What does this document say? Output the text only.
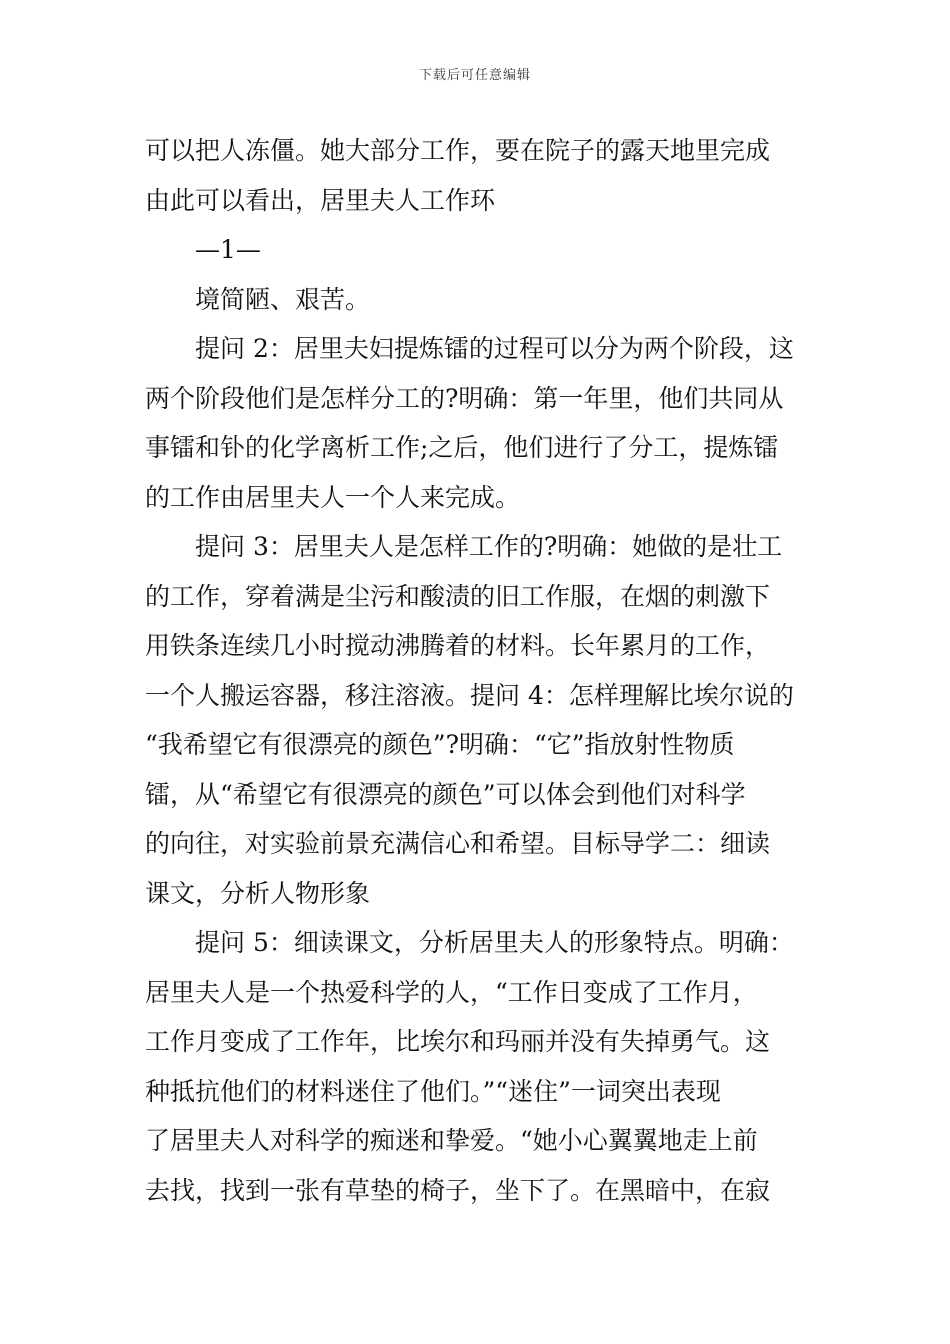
下载后可任意编辑
可以把人冻僵。她大部分工作，要在院子的露天地里完成
由此可以看出，居里夫人工作环
—1—
境简陋、艰苦。
提问 2：居里夫妇提炼镭的过程可以分为两个阶段，这
两个阶段他们是怎样分工的?明确：第一年里，他们共同从
事镭和钋的化学离析工作;之后，他们进行了分工，提炼镭
的工作由居里夫人一个人来完成。
提问 3：居里夫人是怎样工作的?明确：她做的是壮工
的工作，穿着满是尘污和酸渍的旧工作服，在烟的刺激下
用铁条连续几小时搅动沸腾着的材料。长年累月的工作，
一个人搬运容器，移注溶液。提问 4：怎样理解比埃尔说的
“我希望它有很漂亮的颜色”?明确：“它”指放射性物质
镭，从“希望它有很漂亮的颜色”可以体会到他们对科学
的向往，对实验前景充满信心和希望。目标导学二：细读
课文，分析人物形象
提问 5：细读课文，分析居里夫人的形象特点。明确：
居里夫人是一个热爱科学的人，“工作日变成了工作月，
工作月变成了工作年，比埃尔和玛丽并没有失掉勇气。这
种抵抗他们的材料迷住了他们。”“迷住”一词突出表现
了居里夫人对科学的痴迷和挚爱。“她小心翼翼地走上前
去找，找到一张有草垫的椅子，坐下了。在黑暗中，在寂
